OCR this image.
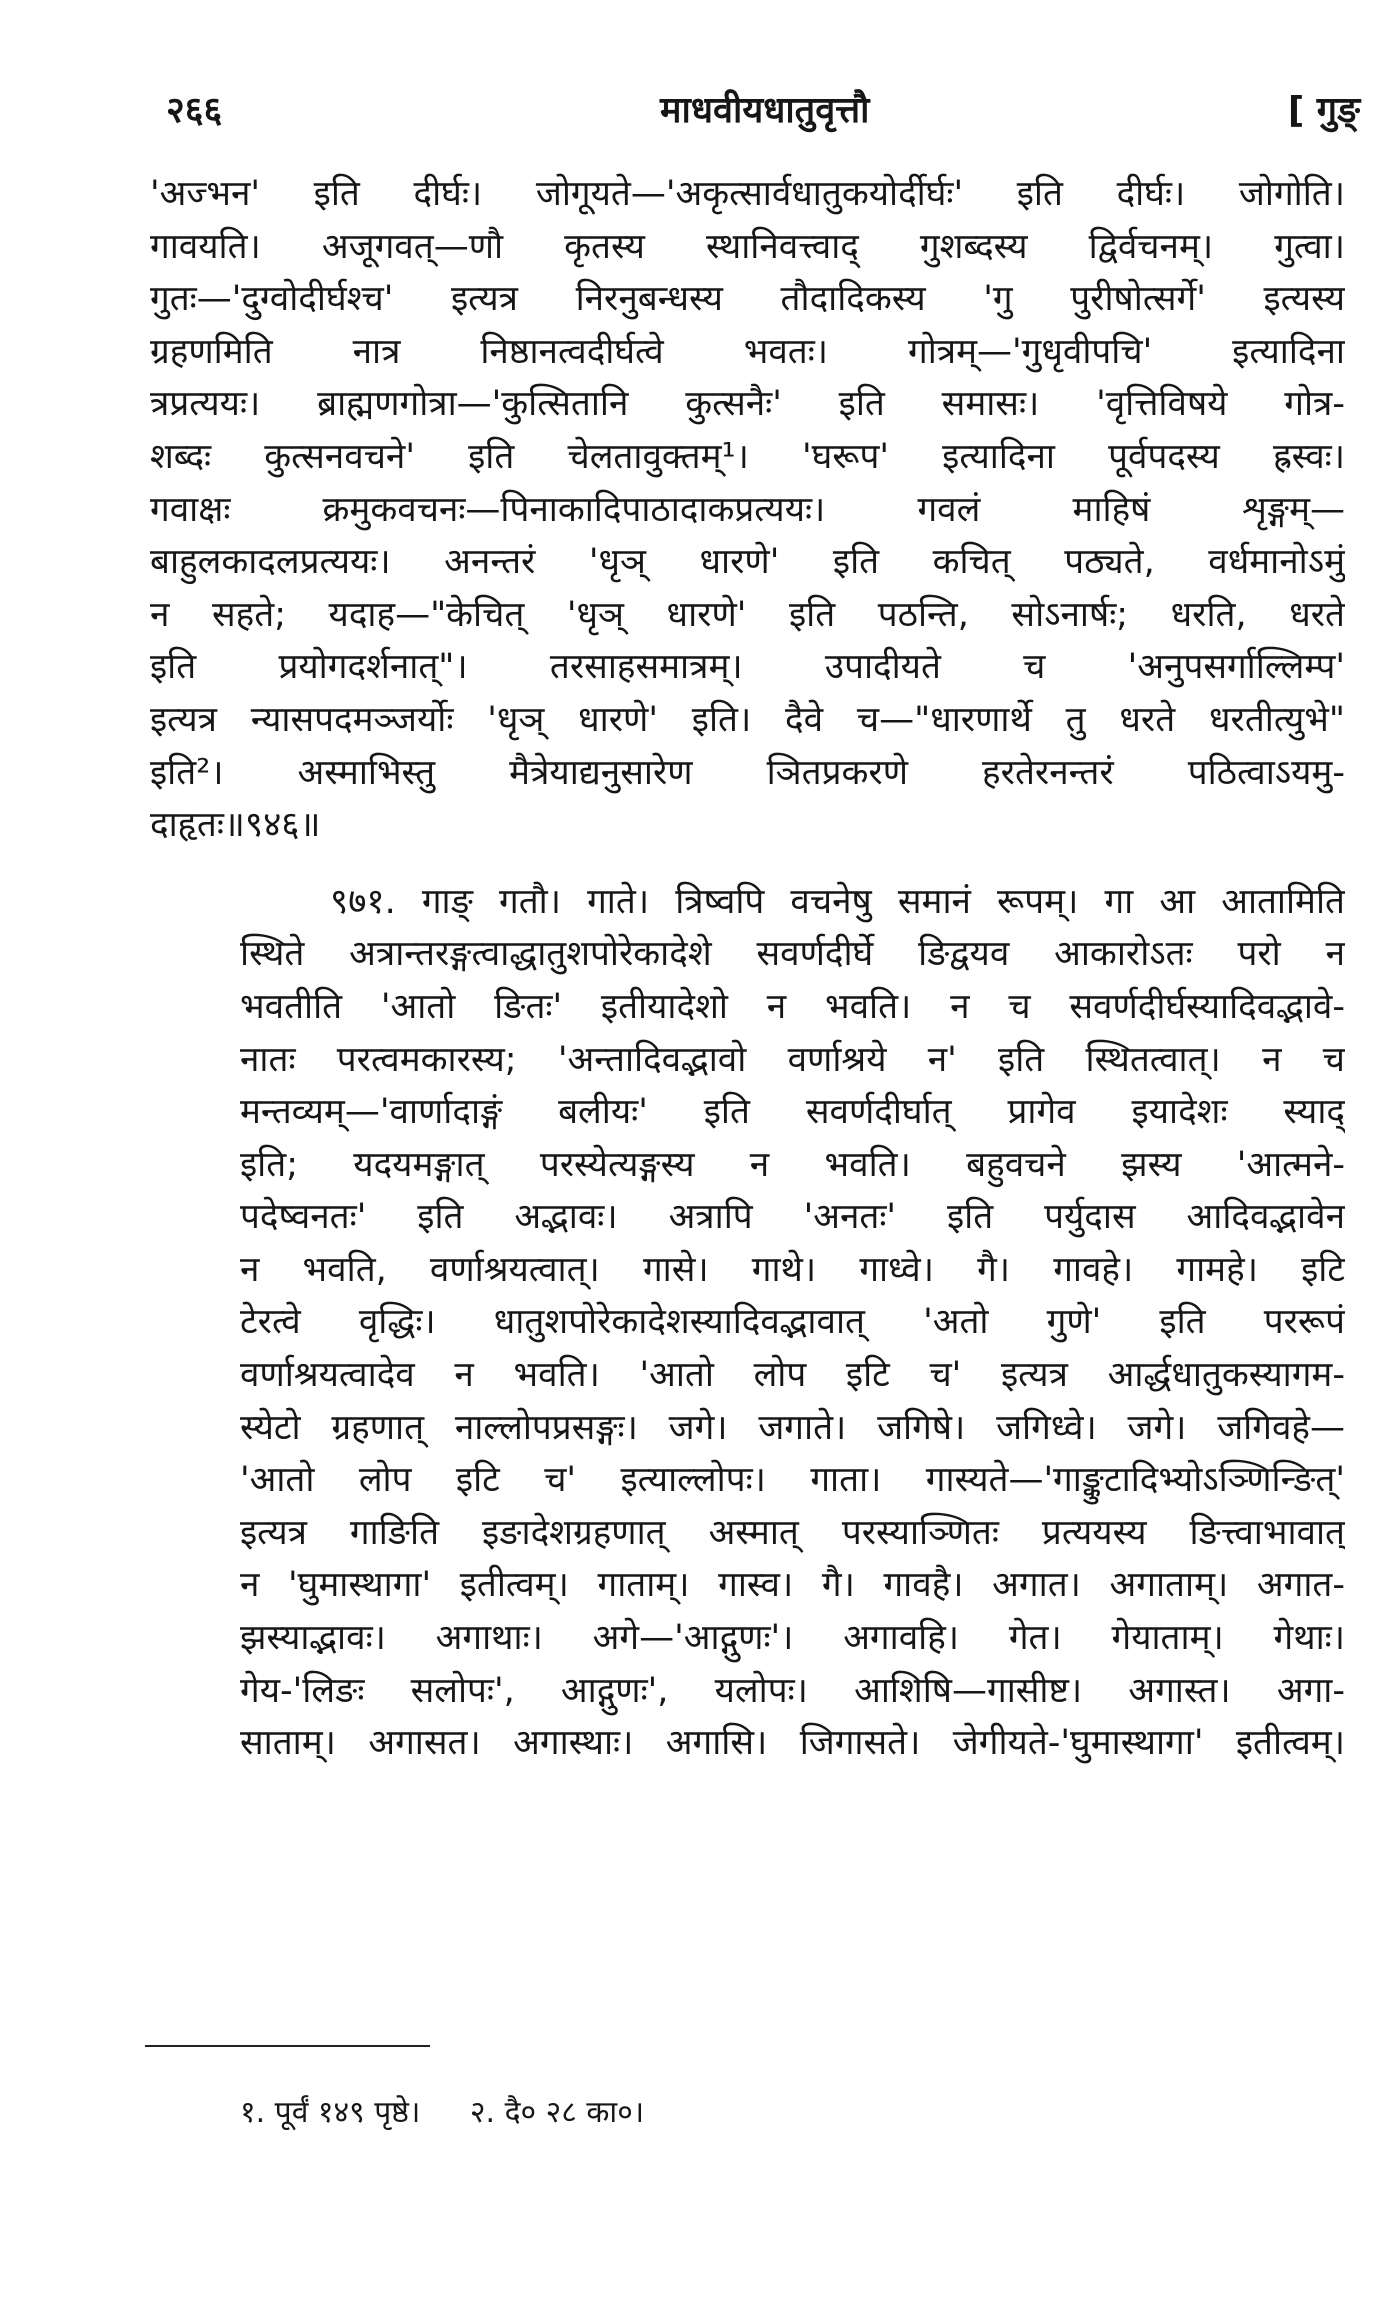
२६६	माधवीयधातुवृत्तौ	[ गुङ्
'अज्भन' इति दीर्घः। जोगूयते—'अकृत्सार्वधातुकयोर्दीर्घः' इति दीर्घः। जोगोति।
गावयति। अजूगवत्—णौ कृतस्य स्थानिवत्त्वाद् गुशब्दस्य द्विर्वचनम्। गुत्वा।
गुतः—'दुग्वोदीर्घश्च' इत्यत्र निरनुबन्धस्य तौदादिकस्य 'गु पुरीषोत्सर्गे' इत्यस्य
ग्रहणमिति नात्र निष्ठानत्वदीर्घत्वे भवतः। गोत्रम्—'गुधृवीपचि' इत्यादिना
त्रप्रत्ययः। ब्राह्मणगोत्रा—'कुत्सितानि कुत्सनैः' इति समासः। 'वृत्तिविषये गोत्र-
शब्दः कुत्सनवचने' इति चेलतावुक्तम्¹। 'घरूप' इत्यादिना पूर्वपदस्य ह्रस्वः।
गवाक्षः क्रमुकवचनः—पिनाकादिपाठादाकप्रत्ययः। गवलं माहिषं शृङ्गम्—
बाहुलकादलप्रत्ययः। अनन्तरं 'धृञ् धारणे' इति कचित् पठ्यते, वर्धमानोऽमुं
न सहते; यदाह—"केचित् 'धृञ् धारणे' इति पठन्ति, सोऽनार्षः; धरति, धरते
इति प्रयोगदर्शनात्"। तरसाहसमात्रम्। उपादीयते च 'अनुपसर्गाल्लिम्प'
इत्यत्र न्यासपदमञ्जर्योः 'धृञ् धारणे' इति। दैवे च—"धारणार्थे तु धरते धरतीत्युभे"
इति²। अस्माभिस्तु मैत्रेयाद्यनुसारेण ञितप्रकरणे हरतेरनन्तरं पठित्वाऽयमु-
दाहृतः॥९४६॥
९७१. गाङ् गतौ। गाते। त्रिष्वपि वचनेषु समानं रूपम्। गा आ आतामिति
स्थिते अत्रान्तरङ्गत्वाद्धातुशपोरेकादेशे सवर्णदीर्घे ङिद्वयव आकारोऽतः परो न
भवतीति 'आतो ङितः' इतीयादेशो न भवति। न च सवर्णदीर्घस्यादिवद्भावे-
नातः परत्वमकारस्य; 'अन्तादिवद्भावो वर्णाश्रये न' इति स्थितत्वात्। न च
मन्तव्यम्—'वार्णादाङ्गं बलीयः' इति सवर्णदीर्घात् प्रागेव इयादेशः स्याद्
इति; यदयमङ्गात् परस्येत्यङ्गस्य न भवति। बहुवचने झस्य 'आत्मने-
पदेष्वनतः' इति अद्भावः। अत्रापि 'अनतः' इति पर्युदास आदिवद्भावेन
न भवति, वर्णाश्रयत्वात्। गासे। गाथे। गाध्वे। गै। गावहे। गामहे। इटि
टेरत्वे वृद्धिः। धातुशपोरेकादेशस्यादिवद्भावात् 'अतो गुणे' इति पररूपं
वर्णाश्रयत्वादेव न भवति। 'आतो लोप इटि च' इत्यत्र आर्द्धधातुकस्यागम-
स्येटो ग्रहणात् नाल्लोपप्रसङ्गः। जगे। जगाते। जगिषे। जगिध्वे। जगे। जगिवहे—
'आतो लोप इटि च' इत्याल्लोपः। गाता। गास्यते—'गाङ्कुटादिभ्योऽञ्णिन्ङित्'
इत्यत्र गाङिति इङादेशग्रहणात् अस्मात् परस्याञ्णितः प्रत्ययस्य ङित्त्वाभावात्
न 'घुमास्थागा' इतीत्वम्। गाताम्। गास्व। गै। गावहै। अगात। अगाताम्। अगात-
झस्याद्भावः। अगाथाः। अगे—'आद्गुणः'। अगावहि। गेत। गेयाताम्। गेथाः।
गेय-'लिङः सलोपः', आद्गुणः', यलोपः। आशिषि—गासीष्ट। अगास्त। अगा-
साताम्। अगासत। अगास्थाः। अगासि। जिगासते। जेगीयते-'घुमास्थागा' इतीत्वम्।
१. पूर्वं १४९ पृष्ठे। २. दै० २८ का०।
